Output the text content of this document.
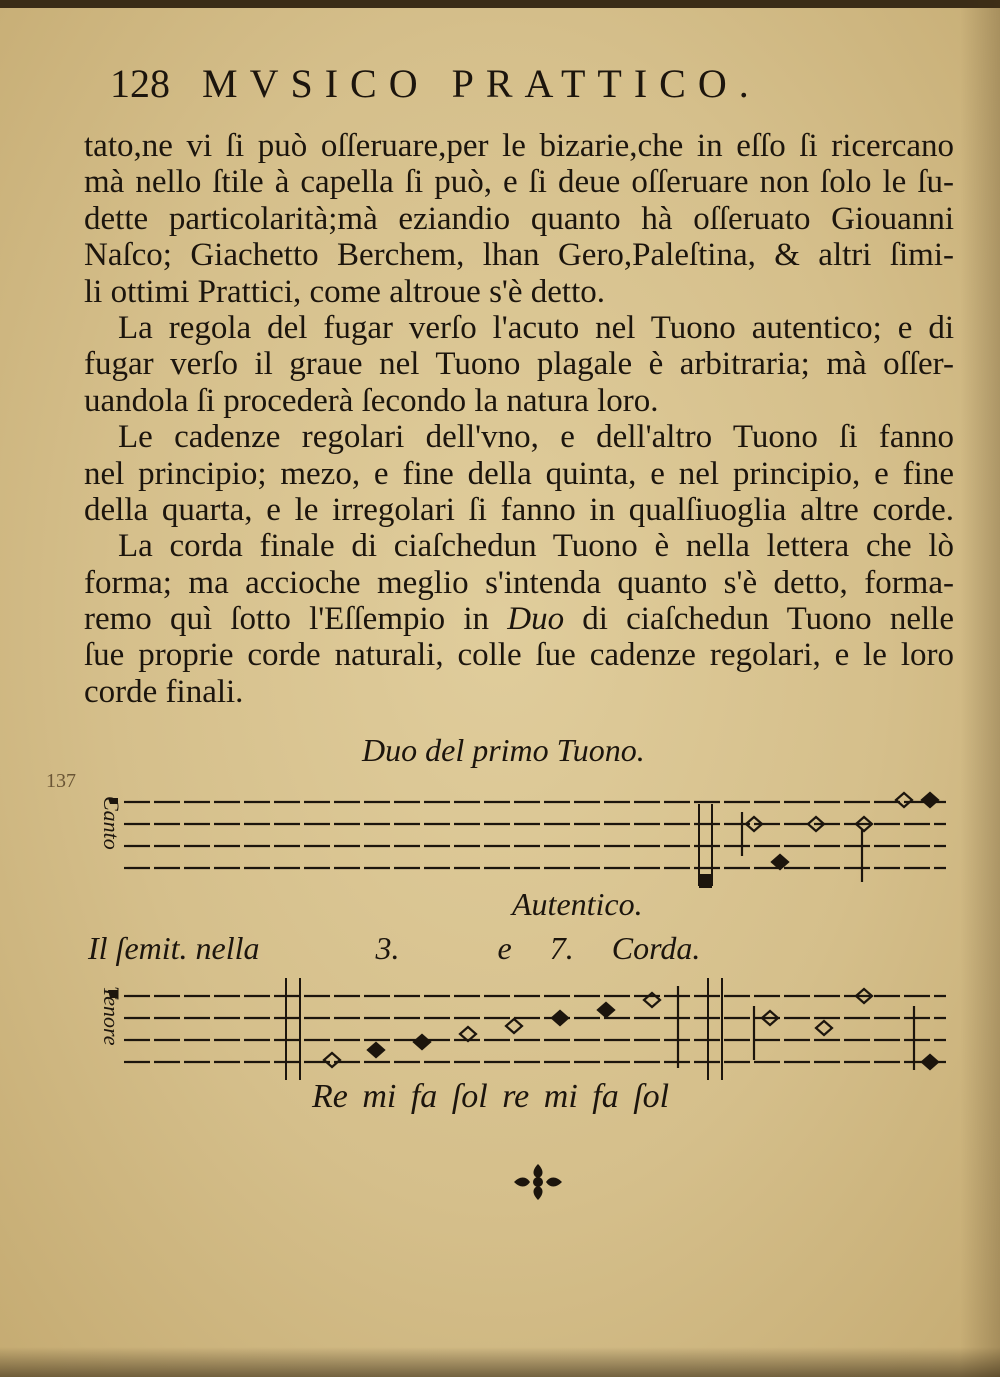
128 MVSICO PRATTICO.
tato,ne vi ſi può oſſeruare,per le bizarie,che in eſſo ſi ricercano
mà nello ſtile à capella ſi può, e ſi deue oſſeruare non ſolo le ſu-
dette particolarità;mà eziandio quanto hà oſſeruato Giouanni
Naſco; Giachetto Berchem, lhan Gero,Paleſtina, & altri ſimi-
li ottimi Prattici, come altroue s'è detto.
La regola del fugar verſo l'acuto nel Tuono autentico; e di
fugar verſo il graue nel Tuono plagale è arbitraria; mà oſſer-
uandola ſi procederà ſecondo la natura loro.
Le cadenze regolari dell'vno, e dell'altro Tuono ſi fanno
nel principio; mezo, e fine della quinta, e nel principio, e fine
della quarta, e le irregolari ſi fanno in qualſiuoglia altre corde.
La corda finale di ciaſchedun Tuono è nella lettera che lò
forma; ma accioche meglio s'intenda quanto s'è detto, forma-
remo quì ſotto l'Eſſempio in Duo di ciaſchedun Tuono nelle
ſue proprie corde naturali, colle ſue cadenze regolari, e le loro
corde finali.
137
Duo del primo Tuono.
Canto
Autentico.
Il ſemit. nella	3.	e 7. Corda.
Tenore
Re mi fa ſol re mi fa ſol
